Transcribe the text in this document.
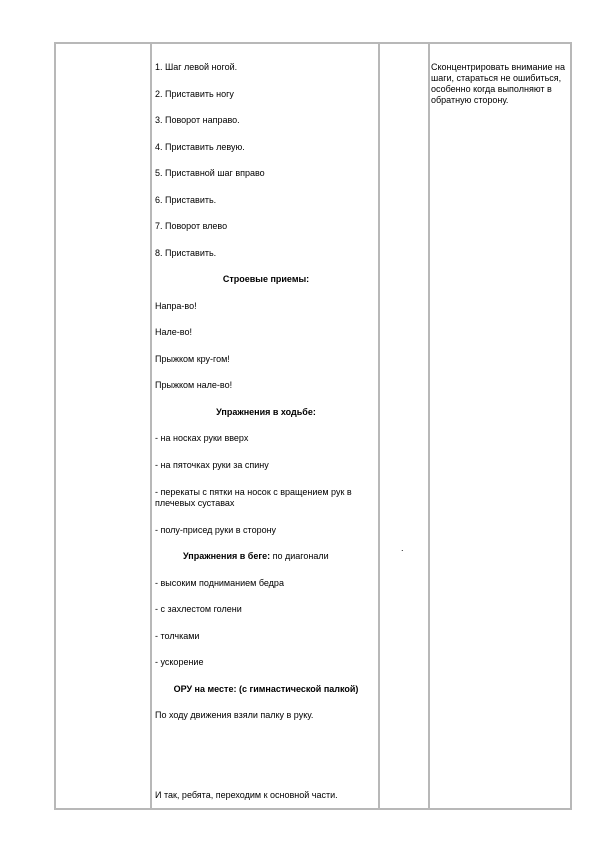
1. Шаг левой ногой.

2. Приставить ногу

3. Поворот направо.

4. Приставить левую.

5. Приставной шаг вправо

6. Приставить.

7. Поворот влево

8. Приставить.

Строевые приемы:

Напра-во!

Нале-во!

Прыжком кру-гом!

Прыжком нале-во!

Упражнения в ходьбе:

- на носках руки вверх

- на пяточках руки за спину

- перекаты с пятки на носок с вращением рук в плечевых суставах

- полу-присед руки в сторону

Упражнения в беге: по диагонали

- высоким подниманием бедра

- с захлестом голени

- толчками

- ускорение

ОРУ на месте: (с гимнастической палкой)

По ходу движения взяли палку в руку.

И так, ребята, переходим к основной части.

.

Сконцентрировать внимание на шаги, стараться не ошибиться, особенно когда выполняют в обратную сторону.
